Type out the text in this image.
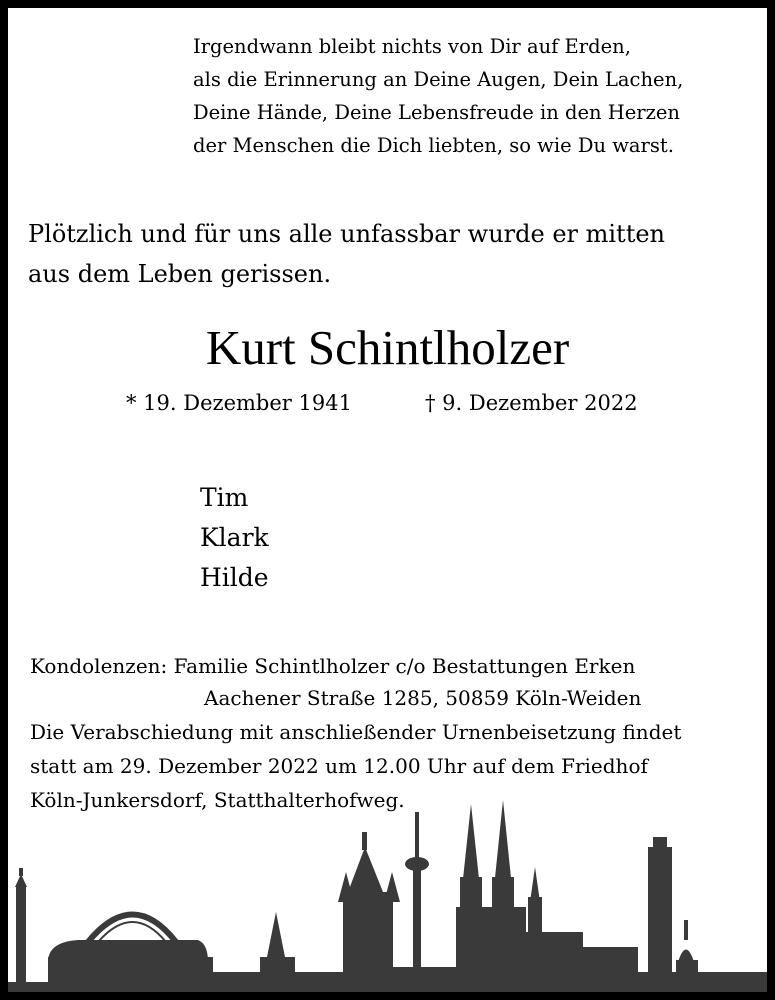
Irgendwann bleibt nichts von Dir auf Erden,
als die Erinnerung an Deine Augen, Dein Lachen,
Deine Hände, Deine Lebensfreude in den Herzen
der Menschen die Dich liebten, so wie Du warst.
Plötzlich und für uns alle unfassbar wurde er mitten
aus dem Leben gerissen.
Kurt Schintlholzer
* 19. Dezember 1941	† 9. Dezember 2022
Tim
Klark
Hilde
Kondolenzen: Familie Schintlholzer c/o Bestattungen Erken
Aachener Straße 1285, 50859 Köln-Weiden
Die Verabschiedung mit anschließender Urnenbeisetzung findet
statt am 29. Dezember 2022 um 12.00 Uhr auf dem Friedhof
Köln-Junkersdorf, Statthalterhofweg.
